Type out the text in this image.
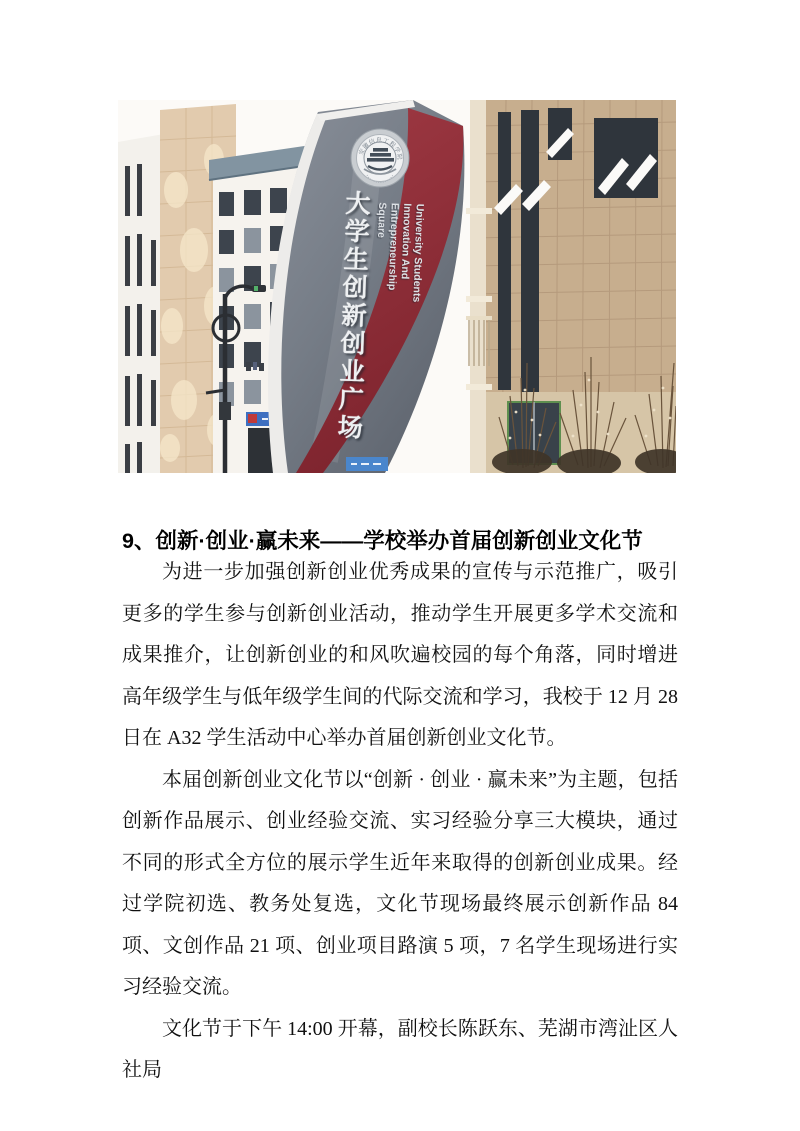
安徽信息工程学院
大学生创新创业广场 Square
Entrepreneurship
Innovation And
University Students
9、创新·创业·赢未来——学校举办首届创新创业文化节

为进一步加强创新创业优秀成果的宣传与示范推广，吸引更多的学生参与创新创业活动，推动学生开展更多学术交流和成果推介，让创新创业的和风吹遍校园的每个角落，同时增进高年级学生与低年级学生间的代际交流和学习，我校于 12 月 28 日在 A32 学生活动中心举办首届创新创业文化节。

本届创新创业文化节以“创新 · 创业 · 赢未来”为主题，包括创新作品展示、创业经验交流、实习经验分享三大模块，通过不同的形式全方位的展示学生近年来取得的创新创业成果。经过学院初选、教务处复选，文化节现场最终展示创新作品 84 项、文创作品 21 项、创业项目路演 5 项，7 名学生现场进行实习经验交流。

文化节于下午 14:00 开幕，副校长陈跃东、芜湖市湾沚区人社局
